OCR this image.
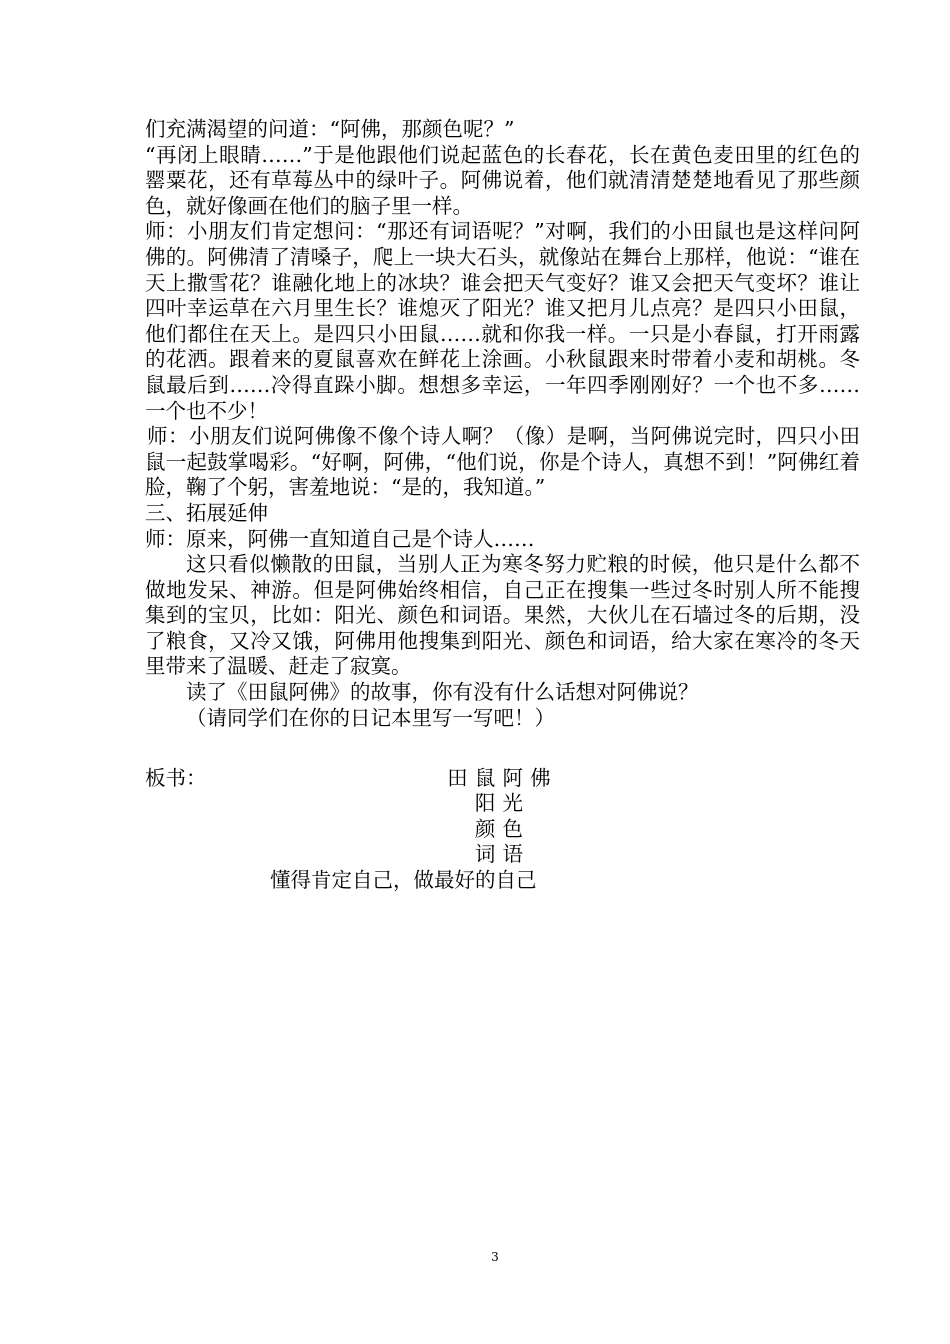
们充满渴望的问道：“阿佛，那颜色呢？”

“再闭上眼睛……”于是他跟他们说起蓝色的长春花，长在黄色麦田里的红色的罂粟花，还有草莓丛中的绿叶子。阿佛说着，他们就清清楚楚地看见了那些颜色，就好像画在他们的脑子里一样。

师：小朋友们肯定想问：“那还有词语呢？”对啊，我们的小田鼠也是这样问阿佛的。阿佛清了清嗓子，爬上一块大石头，就像站在舞台上那样，他说：“谁在天上撒雪花？谁融化地上的冰块？谁会把天气变好？谁又会把天气变坏？谁让四叶幸运草在六月里生长？谁熄灭了阳光？谁又把月儿点亮？是四只小田鼠，他们都住在天上。是四只小田鼠……就和你我一样。一只是小春鼠，打开雨露的花洒。跟着来的夏鼠喜欢在鲜花上涂画。小秋鼠跟来时带着小麦和胡桃。冬鼠最后到……冷得直跺小脚。想想多幸运，一年四季刚刚好？一个也不多……一个也不少！

师：小朋友们说阿佛像不像个诗人啊？（像）是啊，当阿佛说完时，四只小田鼠一起鼓掌喝彩。“好啊，阿佛，“他们说，你是个诗人，真想不到！”阿佛红着脸，鞠了个躬，害羞地说：“是的，我知道。”

三、拓展延伸

师：原来，阿佛一直知道自己是个诗人……

这只看似懒散的田鼠，当别人正为寒冬努力贮粮的时候，他只是什么都不做地发呆、神游。但是阿佛始终相信，自己正在搜集一些过冬时别人所不能搜集到的宝贝，比如：阳光、颜色和词语。果然，大伙儿在石墙过冬的后期，没了粮食，又冷又饿，阿佛用他搜集到阳光、颜色和词语，给大家在寒冷的冬天里带来了温暖、赶走了寂寞。

读了《田鼠阿佛》的故事，你有没有什么话想对阿佛说？

（请同学们在你的日记本里写一写吧！）

板书：	田鼠阿佛

阳光

颜色

词语

懂得肯定自己，做最好的自己

3
